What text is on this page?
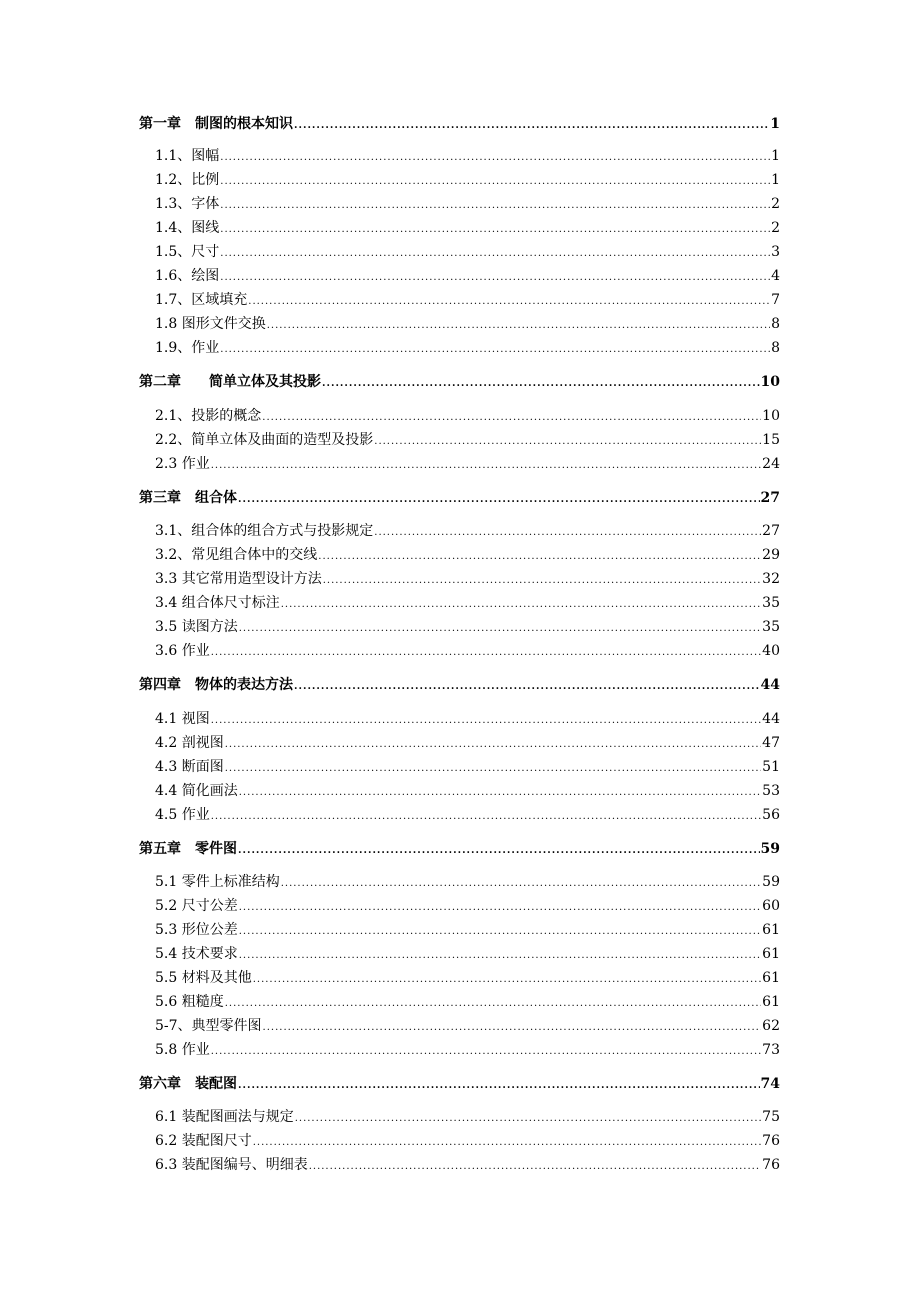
第一章　制图的根本知识 .....	1
1.1、图幅 .....	1
1.2、比例 .....	1
1.3、字体 .....	2
1.4、图线 .....	2
1.5、尺寸 .....	3
1.6、绘图 .....	4
1.7、区域填充 .....	7
1.8 图形文件交换 .....	8
1.9、作业 .....	8
第二章　　简单立体及其投影 .....	10
2.1、投影的概念 .....	10
2.2、简单立体及曲面的造型及投影 .....	15
2.3 作业 .....	24
第三章　组合体 .....	27
3.1、组合体的组合方式与投影规定 .....	27
3.2、常见组合体中的交线 .....	29
3.3 其它常用造型设计方法 .....	32
3.4 组合体尺寸标注 .....	35
3.5 读图方法 .....	35
3.6 作业 .....	40
第四章　物体的表达方法 .....	44
4.1 视图 .....	44
4.2 剖视图 .....	47
4.3 断面图 .....	51
4.4 简化画法 .....	53
4.5 作业 .....	56
第五章　零件图 .....	59
5.1 零件上标准结构 .....	59
5.2 尺寸公差 .....	60
5.3 形位公差 .....	61
5.4 技术要求 .....	61
5.5 材料及其他 .....	61
5.6 粗糙度 .....	61
5-7、典型零件图 .....	62
5.8 作业 .....	73
第六章　装配图 .....	74
6.1 装配图画法与规定 .....	75
6.2 装配图尺寸 .....	76
6.3 装配图编号、明细表 .....	76
